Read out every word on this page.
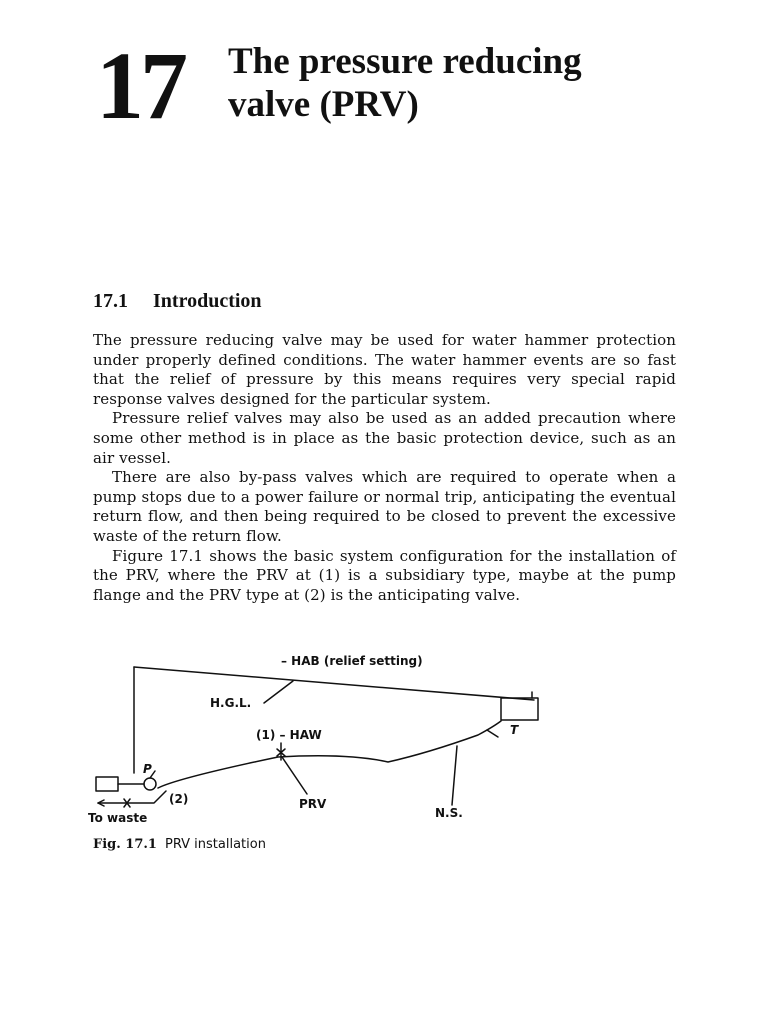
17 The pressure reducing valve (PRV)
17.1 Introduction

The pressure reducing valve may be used for water hammer protection under properly defined conditions. The water hammer events are so fast that the relief of pressure by this means requires very special rapid response valves designed for the particular system.

Pressure relief valves may also be used as an added precaution where some other method is in place as the basic protection device, such as an air vessel.

There are also by-pass valves which are required to operate when a pump stops due to a power failure or normal trip, anticipating the eventual return flow, and then being required to be closed to prevent the excessive waste of the return flow.

Figure 17.1 shows the basic system configuration for the installation of the PRV, where the PRV at (1) is a subsidiary type, maybe at the pump flange and the PRV type at (2) is the anticipating valve.

– HAB (relief setting)
H.G.L.
(1) – HAW	T
P
(2)	PRV
To waste	N.S.

Fig. 17.1 PRV installation
